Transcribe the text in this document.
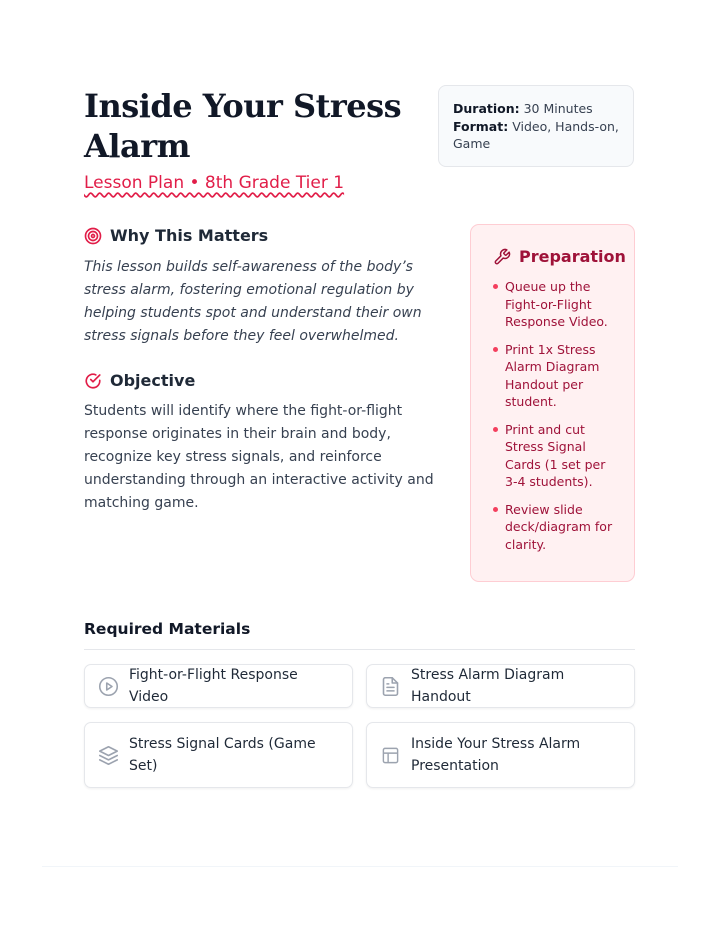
Inside Your Stress Alarm

Lesson Plan • 8th Grade Tier 1

Duration: 30 Minutes
Format: Video, Hands-on, Game
Why This Matters

This lesson builds self-awareness of the body’s stress alarm, fostering emotional regulation by helping students spot and understand their own stress signals before they feel overwhelmed.

Objective

Students will identify where the fight-or-flight response originates in their brain and body, recognize key stress signals, and reinforce understanding through an interactive activity and matching game.

Preparation
Queue up the Fight-or-Flight Response Video.
Print 1x Stress Alarm Diagram Handout per student.
Print and cut Stress Signal Cards (1 set per 3-4 students).
Review slide deck/diagram for clarity.
Required Materials
Fight-or-Flight Response Video
Stress Alarm Diagram Handout
Stress Signal Cards (Game Set)
Inside Your Stress Alarm Presentation
